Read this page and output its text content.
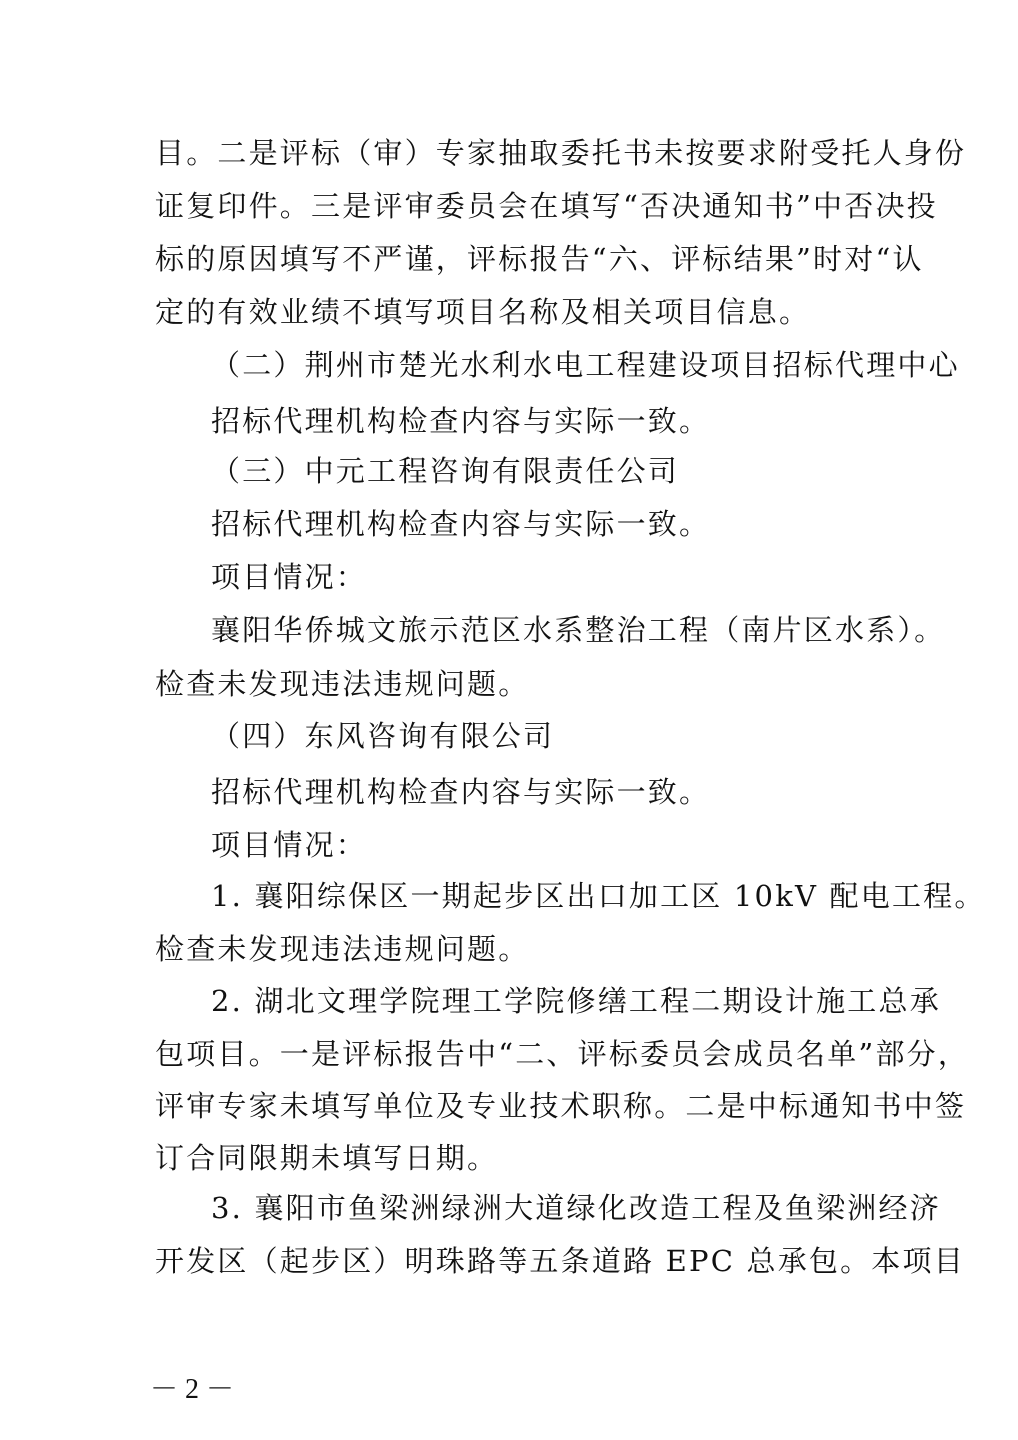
目。二是评标（审）专家抽取委托书未按要求附受托人身份
证复印件。三是评审委员会在填写“否决通知书”中否决投
标的原因填写不严谨，评标报告“六、评标结果”时对“认
定的有效业绩不填写项目名称及相关项目信息。
（二）荆州市楚光水利水电工程建设项目招标代理中心
招标代理机构检查内容与实际一致。
（三）中元工程咨询有限责任公司
招标代理机构检查内容与实际一致。
项目情况：
襄阳华侨城文旅示范区水系整治工程（南片区水系）。
检查未发现违法违规问题。
（四）东风咨询有限公司
招标代理机构检查内容与实际一致。
项目情况：
1. 襄阳综保区一期起步区出口加工区 10kV 配电工程。
检查未发现违法违规问题。
2. 湖北文理学院理工学院修缮工程二期设计施工总承
包项目。一是评标报告中“二、评标委员会成员名单”部分，
评审专家未填写单位及专业技术职称。二是中标通知书中签
订合同限期未填写日期。
3. 襄阳市鱼梁洲绿洲大道绿化改造工程及鱼梁洲经济
开发区（起步区）明珠路等五条道路 EPC 总承包。本项目
－ 2 －
